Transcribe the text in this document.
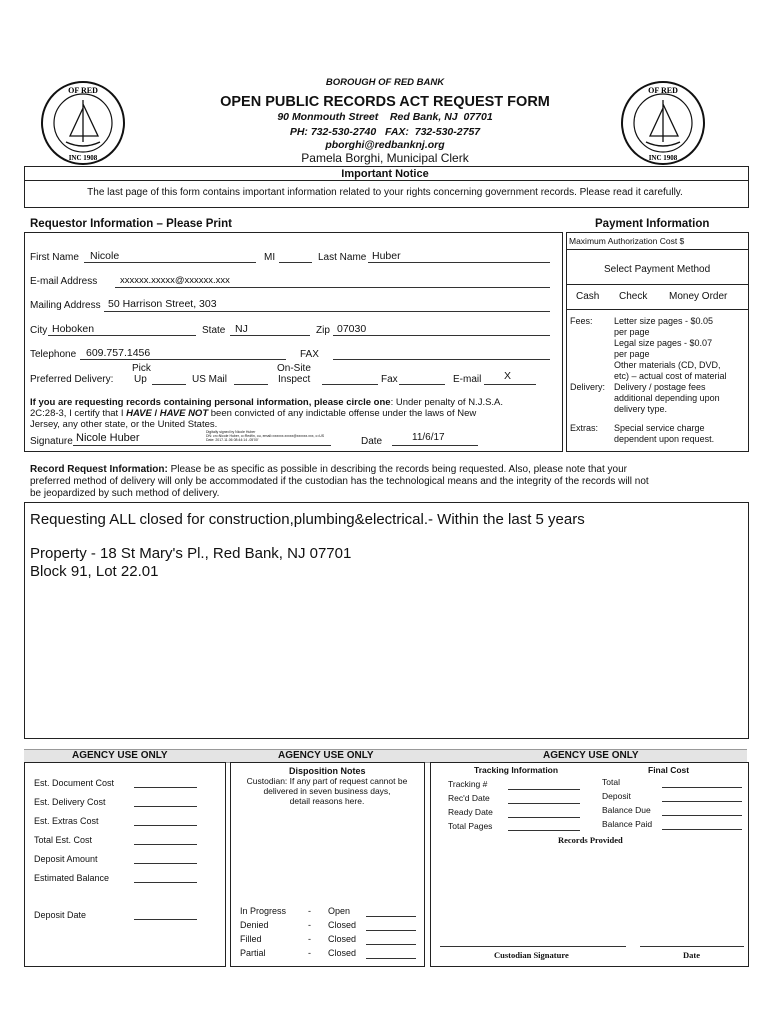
OF RED
INC 1908
OF RED
INC 1908
BOROUGH OF RED BANK
OPEN PUBLIC RECORDS ACT REQUEST FORM
90 Monmouth Street    Red Bank, NJ  07701
PH: 732-530-2740   FAX:  732-530-2757
pborghi@redbanknj.org
Pamela Borghi, Municipal Clerk
Important Notice
The last page of this form contains important information related to your rights concerning government records. Please read it carefully.
Requestor Information – Please Print
First Name Nicole	MI	Last Name Huber
E-mail Address xxxxxx.xxxxx@xxxxxx.xxx
Mailing Address 50 Harrison Street, 303
City Hoboken	State NJ	Zip 07030
Telephone 609.757.1456	FAX
Preferred Delivery:
Pick
Up	US Mail
On-Site
Inspect	Fax	E-mail X
If you are requesting records containing personal information, please circle one: Under penalty of N.J.S.A.
2C:28-3, I certify that I HAVE / HAVE NOT been convicted of any indictable offense under the laws of New
Jersey, any other state, or the United States.
Signature Nicole Huber	Digitally signed by Nicole Huber
DN: cn=Nicole Huber, o=Redfin, ou, email=xxxxxx.xxxxx@xxxxxx.xxx, c=US
Date: 2017.11.06 08:44:14 -05'00'	Date	11/6/17
Payment Information
Maximum Authorization Cost $
Select Payment Method
Cash Check Money Order
Fees: Letter size pages - $0.05
per page
Legal size pages - $0.07
per page
Other materials (CD, DVD,
etc) – actual cost of material
Delivery: Delivery / postage fees
additional depending upon
delivery type.
Extras: Special service charge
dependent upon request.
Record Request Information: Please be as specific as possible in describing the records being requested. Also, please note that your
preferred method of delivery will only be accommodated if the custodian has the technological means and the integrity of the records will not
be jeopardized by such method of delivery.
Requesting ALL closed for construction,plumbing&electrical.- Within the last 5 years
Property - 18 St Mary's Pl., Red Bank, NJ 07701
Block 91, Lot 22.01
AGENCY USE ONLY	AGENCY USE ONLY	AGENCY USE ONLY
Est. Document Cost
Est. Delivery Cost
Est. Extras Cost
Total Est. Cost
Deposit Amount
Estimated Balance
Deposit Date
Disposition Notes
Custodian: If any part of request cannot be
delivered in seven business days,
detail reasons here.
In Progress - Open
Denied	- Closed
Filled	- Closed
Partial	- Closed
Tracking Information	Final Cost
Tracking #
Rec'd Date
Ready Date
Total Pages
Total
Deposit
Balance Due
Balance Paid
Records Provided
Custodian Signature	Date
